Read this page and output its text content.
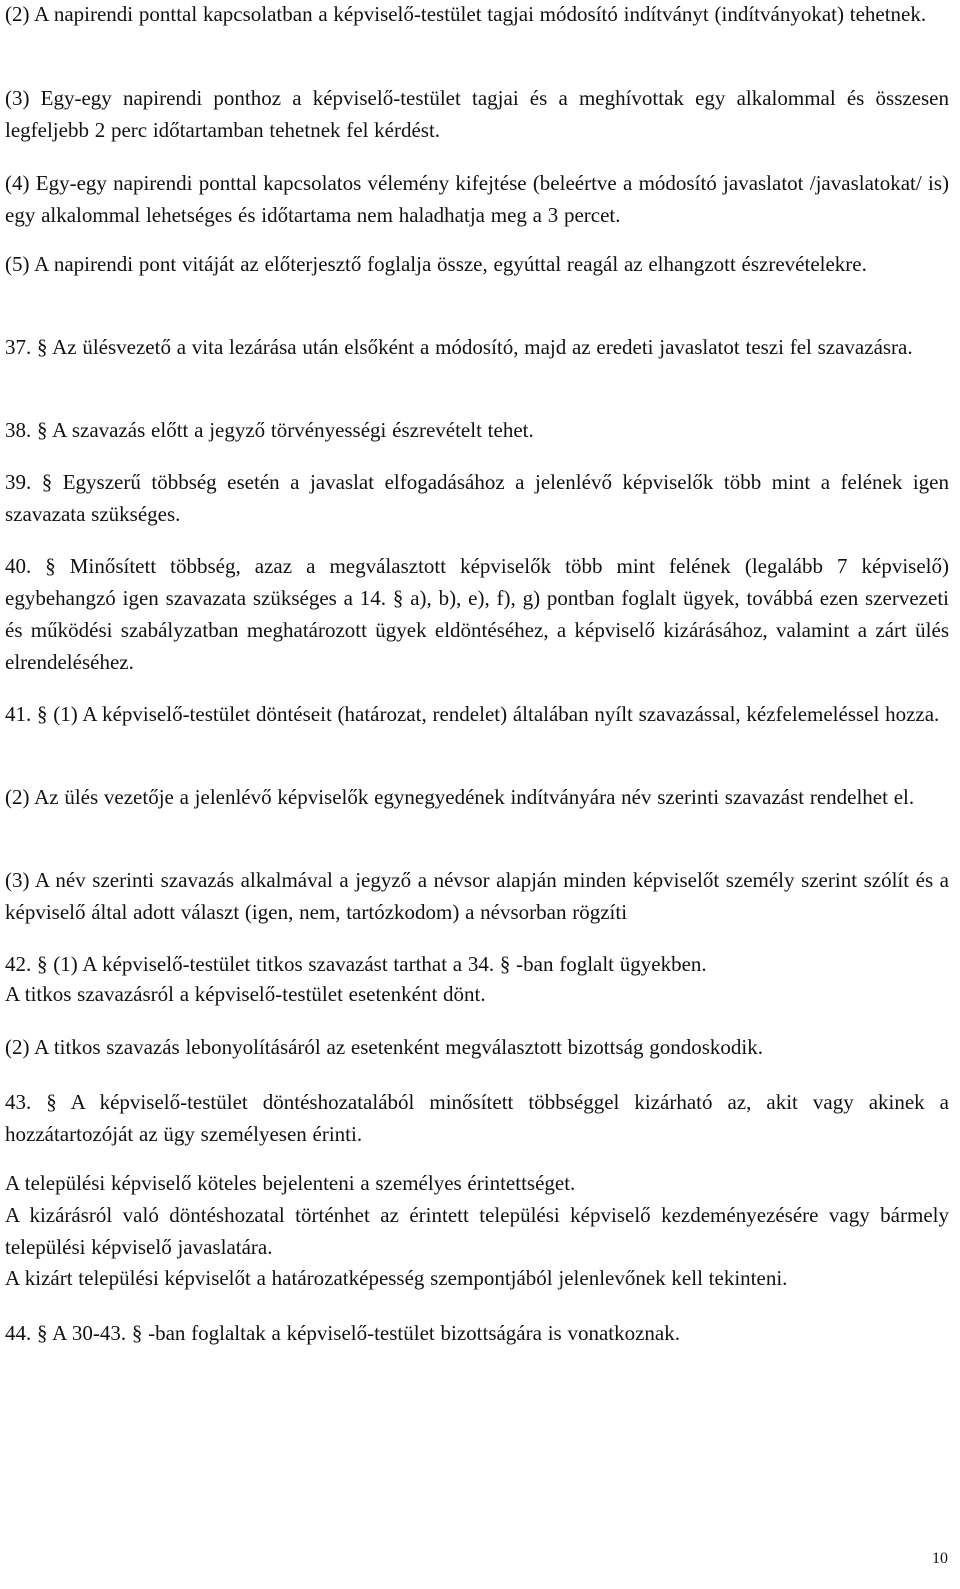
(2) A napirendi ponttal kapcsolatban a képviselő-testület tagjai módosító indítványt (indítványokat) tehetnek.

(3) Egy-egy napirendi ponthoz a képviselő-testület tagjai és a meghívottak egy alkalommal és összesen legfeljebb 2 perc időtartamban tehetnek fel kérdést.

(4) Egy-egy napirendi ponttal kapcsolatos vélemény kifejtése (beleértve a módosító javaslatot /javaslatokat/ is) egy alkalommal lehetséges és időtartama nem haladhatja meg a 3 percet.

(5) A napirendi pont vitáját az előterjesztő foglalja össze, egyúttal reagál az elhangzott észrevételekre.

37. § Az ülésvezető a vita lezárása után elsőként a módosító, majd az eredeti javaslatot teszi fel szavazásra.

38. § A szavazás előtt a jegyző törvényességi észrevételt tehet.

39. § Egyszerű többség esetén a javaslat elfogadásához a jelenlévő képviselők több mint a felének igen szavazata szükséges.

40. § Minősített többség, azaz a megválasztott képviselők több mint felének (legalább 7 képviselő) egybehangzó igen szavazata szükséges a 14. § a), b), e), f), g) pontban foglalt ügyek, továbbá ezen szervezeti és működési szabályzatban meghatározott ügyek eldöntéséhez, a képviselő kizárásához, valamint a zárt ülés elrendeléséhez.

41. § (1) A képviselő-testület döntéseit (határozat, rendelet) általában nyílt szavazással, kézfelemeléssel hozza.

(2) Az ülés vezetője a jelenlévő képviselők egynegyedének indítványára név szerinti szavazást rendelhet el.

(3) A név szerinti szavazás alkalmával a jegyző a névsor alapján minden képviselőt személy szerint szólít és a képviselő által adott választ (igen, nem, tartózkodom) a névsorban rögzíti

42. § (1) A képviselő-testület titkos szavazást tarthat a 34. § -ban foglalt ügyekben.

A titkos szavazásról a képviselő-testület esetenként dönt.

(2) A titkos szavazás lebonyolításáról az esetenként megválasztott bizottság gondoskodik.

43. § A képviselő-testület döntéshozatalából minősített többséggel kizárható az, akit vagy akinek a hozzátartozóját az ügy személyesen érinti.

A települési képviselő köteles bejelenteni a személyes érintettséget.

A kizárásról való döntéshozatal történhet az érintett települési képviselő kezdeményezésére vagy bármely települési képviselő javaslatára.

A kizárt települési képviselőt a határozatképesség szempontjából jelenlevőnek kell tekinteni.

44. § A 30-43. § -ban foglaltak a képviselő-testület bizottságára is vonatkoznak.

10
